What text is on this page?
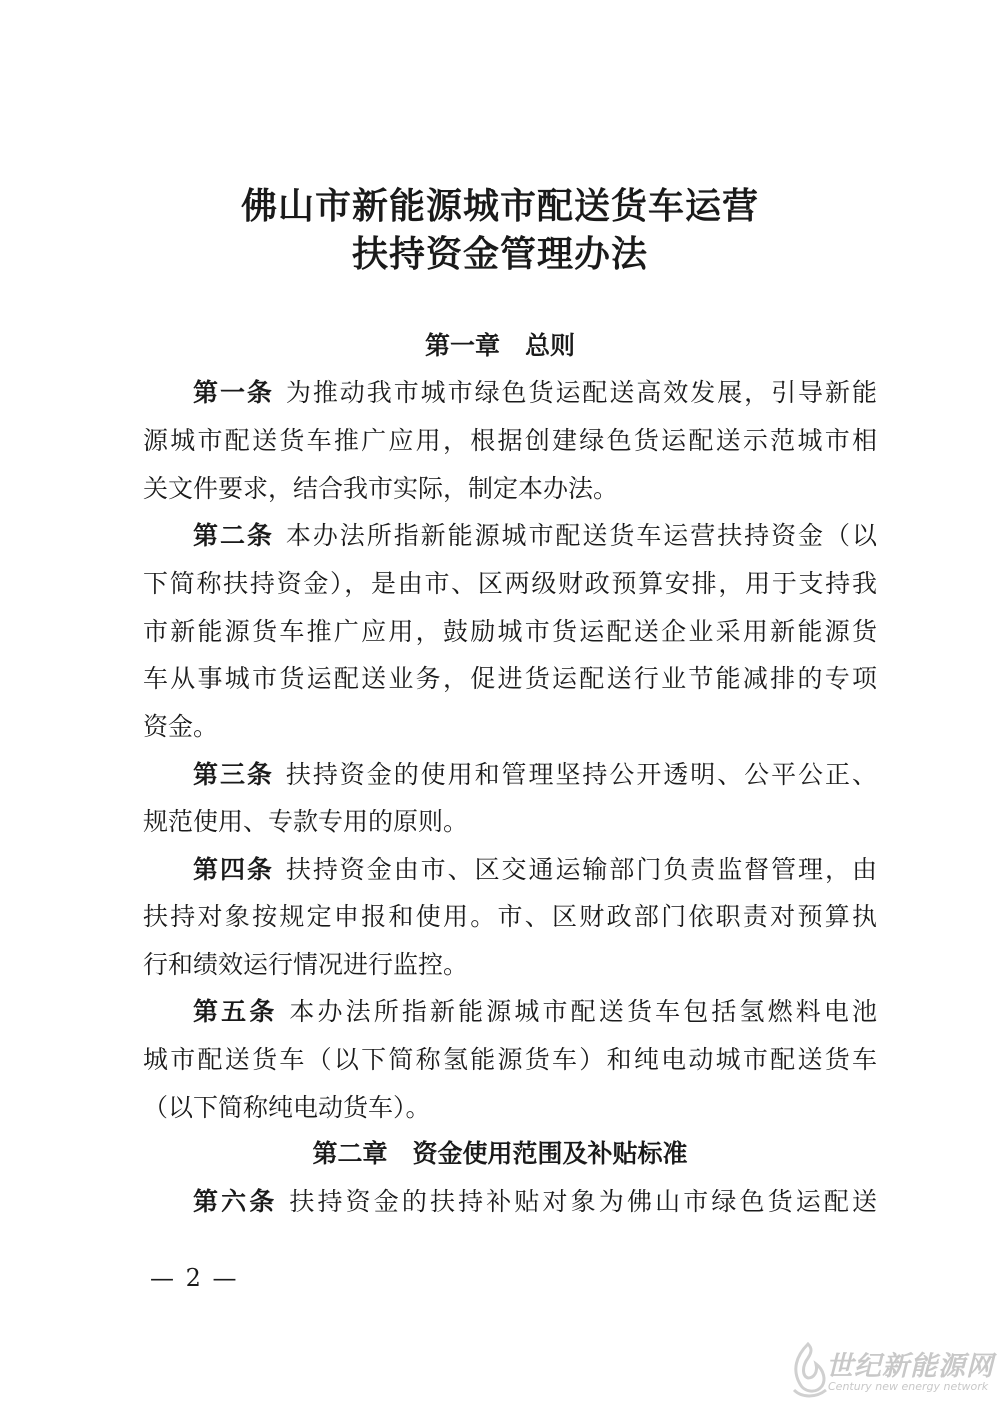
佛山市新能源城市配送货车运营
扶持资金管理办法
第一章　总则
第一条 为推动我市城市绿色货运配送高效发展，引导新能
源城市配送货车推广应用，根据创建绿色货运配送示范城市相
关文件要求，结合我市实际，制定本办法。
第二条 本办法所指新能源城市配送货车运营扶持资金（以
下简称扶持资金），是由市、区两级财政预算安排，用于支持我
市新能源货车推广应用，鼓励城市货运配送企业采用新能源货
车从事城市货运配送业务，促进货运配送行业节能减排的专项
资金。
第三条 扶持资金的使用和管理坚持公开透明、公平公正、
规范使用、专款专用的原则。
第四条 扶持资金由市、区交通运输部门负责监督管理，由
扶持对象按规定申报和使用。市、区财政部门依职责对预算执
行和绩效运行情况进行监控。
第五条 本办法所指新能源城市配送货车包括氢燃料电池
城市配送货车（以下简称氢能源货车）和纯电动城市配送货车
（以下简称纯电动货车）。
第二章　资金使用范围及补贴标准
第六条 扶持资金的扶持补贴对象为佛山市绿色货运配送
— 2 —
世纪新能源网
Century new energy network
